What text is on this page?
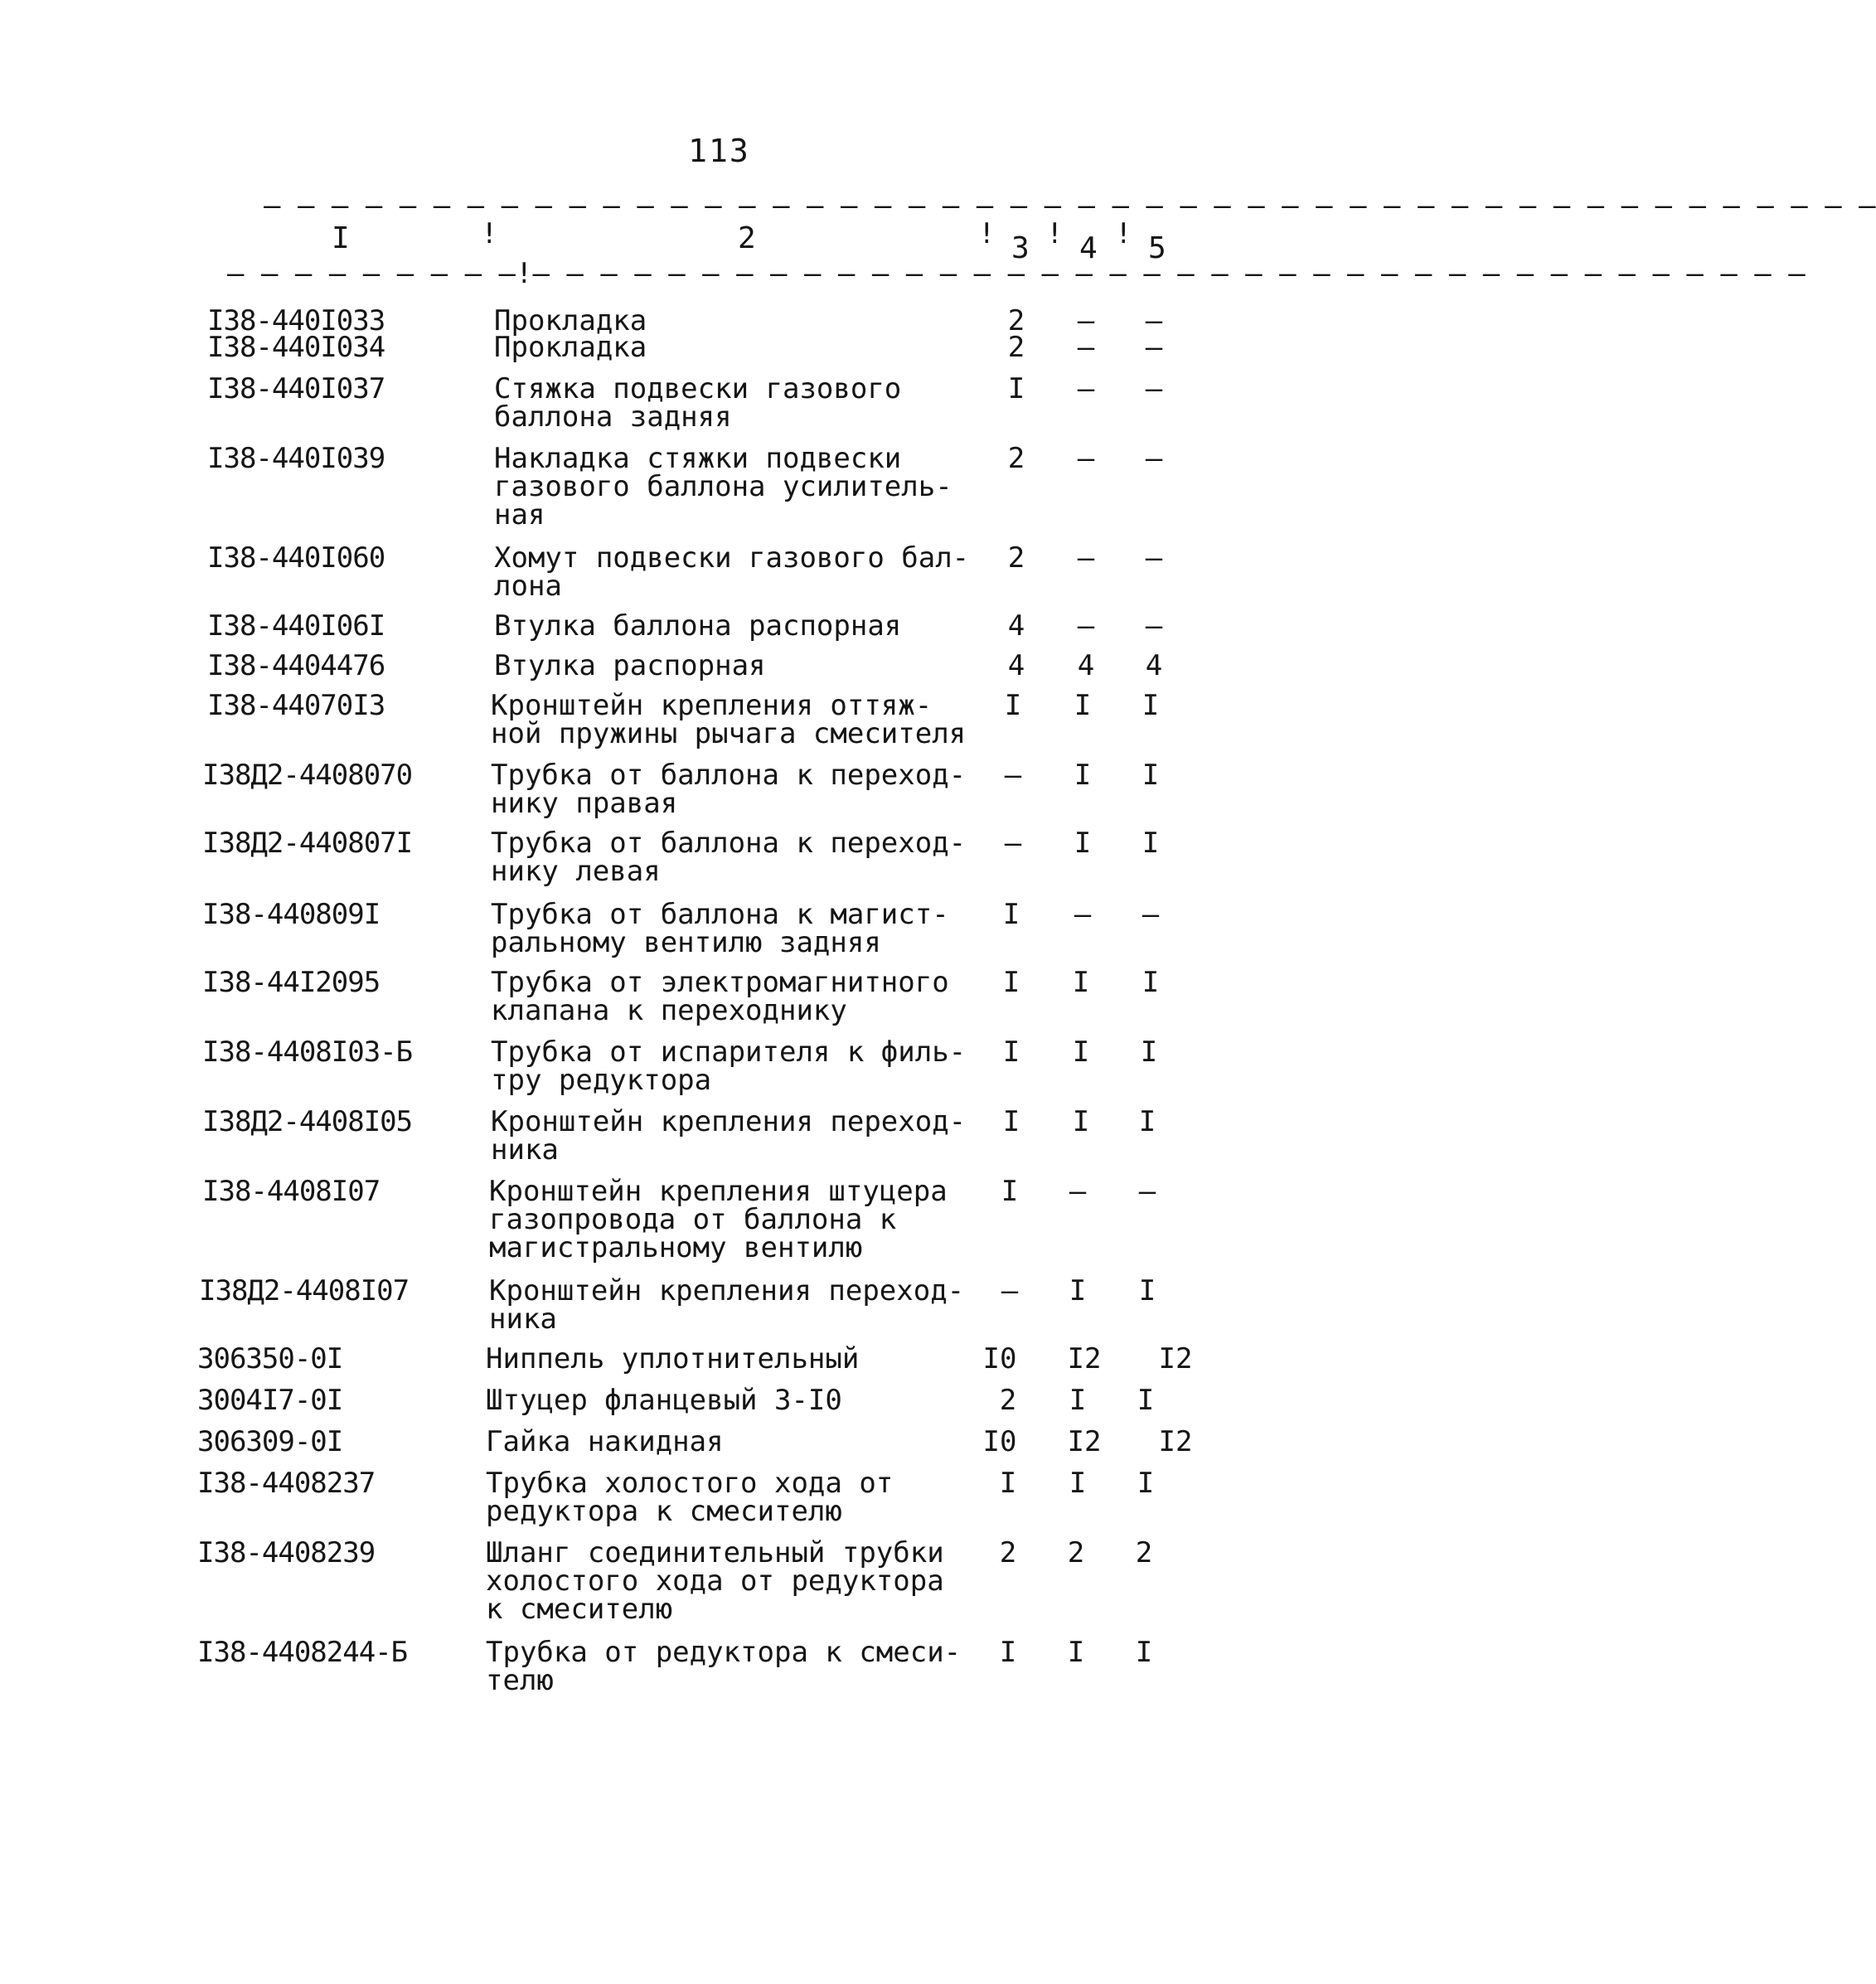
113
– – – – – – – – – – – – – – – – – – – – – – – – – – – – – – – – – – – – – – – – – – – – – – – –
I	!	2	! 3 ! 4 ! 5
– – – – – – – – –!– – – – – – – – – – – – – – – – – – – – – – – – – – – – – – – – – – – – – –
I38-440I033	Прокладка	2	–	–
I38-440I034	Прокладка	2	–	–
I38-440I037	Стяжка подвески газового
баллона задняя
I	–	–
I38-440I039	Накладка стяжки подвески
газового баллона усилитель-
ная
2	–	–
I38-440I060	Хомут подвески газового бал-
лона
2	–	–
I38-440I06I	Втулка баллона распорная	4	–	–
I38-4404476	Втулка распорная	4	4	4
I38-44070I3	Кронштейн крепления оттяж-
ной пружины рычага смесителя
I	I	I
I38Д2-4408070	Трубка от баллона к переход-
нику правая
–	I	I
I38Д2-440807I	Трубка от баллона к переход-
нику левая
–	I	I
I38-440809I	Трубка от баллона к магист-
ральному вентилю задняя
I	–	–
I38-44I2095	Трубка от электромагнитного
клапана к переходнику
I	I	I
I38-4408I03-Б	Трубка от испарителя к филь-
тру редуктора
I	I	I
I38Д2-4408I05	Кронштейн крепления переход-
ника
I	I	I
I38-4408I07	Кронштейн крепления штуцера
газопровода от баллона к
магистральному вентилю
I	–	–
I38Д2-4408I07	Кронштейн крепления переход-
ника
–	I	I
306350-0I	Ниппель уплотнительный	I0 I2 I2
3004I7-0I	Штуцер фланцевый 3-I0	2	I	I
306309-0I	Гайка накидная	I0 I2 I2
I38-4408237	Трубка холостого хода от
редуктора к смесителю
I	I	I
I38-4408239	Шланг соединительный трубки
холостого хода от редуктора
к смесителю
2	2	2
I38-4408244-Б	Трубка от редуктора к смеси-
телю
I	I	I
